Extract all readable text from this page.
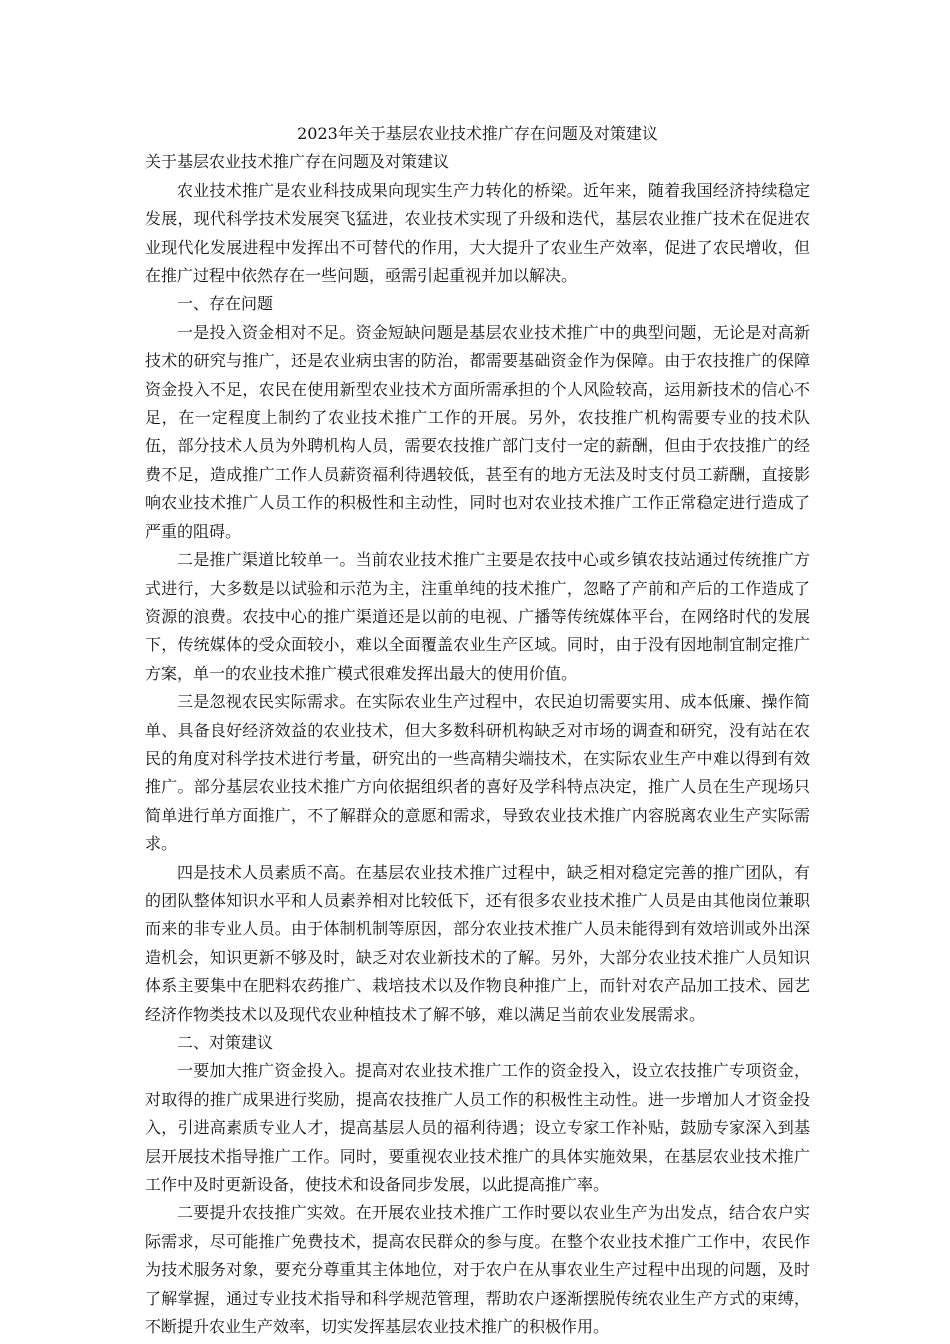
2023年关于基层农业技术推广存在问题及对策建议

关于基层农业技术推广存在问题及对策建议

农业技术推广是农业科技成果向现实生产力转化的桥梁。近年来，随着我国经济持续稳定发展，现代科学技术发展突飞猛进，农业技术实现了升级和迭代，基层农业推广技术在促进农业现代化发展进程中发挥出不可替代的作用，大大提升了农业生产效率，促进了农民增收，但在推广过程中依然存在一些问题，亟需引起重视并加以解决。

一、存在问题

一是投入资金相对不足。资金短缺问题是基层农业技术推广中的典型问题，无论是对高新技术的研究与推广，还是农业病虫害的防治，都需要基础资金作为保障。由于农技推广的保障资金投入不足，农民在使用新型农业技术方面所需承担的个人风险较高，运用新技术的信心不足，在一定程度上制约了农业技术推广工作的开展。另外，农技推广机构需要专业的技术队伍，部分技术人员为外聘机构人员，需要农技推广部门支付一定的薪酬，但由于农技推广的经费不足，造成推广工作人员薪资福利待遇较低，甚至有的地方无法及时支付员工薪酬，直接影响农业技术推广人员工作的积极性和主动性，同时也对农业技术推广工作正常稳定进行造成了严重的阻碍。

二是推广渠道比较单一。当前农业技术推广主要是农技中心或乡镇农技站通过传统推广方式进行，大多数是以试验和示范为主，注重单纯的技术推广，忽略了产前和产后的工作造成了资源的浪费。农技中心的推广渠道还是以前的电视、广播等传统媒体平台，在网络时代的发展下，传统媒体的受众面较小，难以全面覆盖农业生产区域。同时，由于没有因地制宜制定推广方案，单一的农业技术推广模式很难发挥出最大的使用价值。

三是忽视农民实际需求。在实际农业生产过程中，农民迫切需要实用、成本低廉、操作简单、具备良好经济效益的农业技术，但大多数科研机构缺乏对市场的调查和研究，没有站在农民的角度对科学技术进行考量，研究出的一些高精尖端技术，在实际农业生产中难以得到有效推广。部分基层农业技术推广方向依据组织者的喜好及学科特点决定，推广人员在生产现场只简单进行单方面推广，不了解群众的意愿和需求，导致农业技术推广内容脱离农业生产实际需求。

四是技术人员素质不高。在基层农业技术推广过程中，缺乏相对稳定完善的推广团队，有的团队整体知识水平和人员素养相对比较低下，还有很多农业技术推广人员是由其他岗位兼职而来的非专业人员。由于体制机制等原因，部分农业技术推广人员未能得到有效培训或外出深造机会，知识更新不够及时，缺乏对农业新技术的了解。另外，大部分农业技术推广人员知识体系主要集中在肥料农药推广、栽培技术以及作物良种推广上，而针对农产品加工技术、园艺经济作物类技术以及现代农业种植技术了解不够，难以满足当前农业发展需求。

二、对策建议

一要加大推广资金投入。提高对农业技术推广工作的资金投入，设立农技推广专项资金，对取得的推广成果进行奖励，提高农技推广人员工作的积极性主动性。进一步增加人才资金投入，引进高素质专业人才，提高基层人员的福利待遇；设立专家工作补贴，鼓励专家深入到基层开展技术指导推广工作。同时，要重视农业技术推广的具体实施效果，在基层农业技术推广工作中及时更新设备，使技术和设备同步发展，以此提高推广率。

二要提升农技推广实效。在开展农业技术推广工作时要以农业生产为出发点，结合农户实际需求，尽可能推广免费技术，提高农民群众的参与度。在整个农业技术推广工作中，农民作为技术服务对象，要充分尊重其主体地位，对于农户在从事农业生产过程中出现的问题，及时了解掌握，通过专业技术指导和科学规范管理，帮助农户逐渐摆脱传统农业生产方式的束缚，不断提升农业生产效率，切实发挥基层农业技术推广的积极作用。
